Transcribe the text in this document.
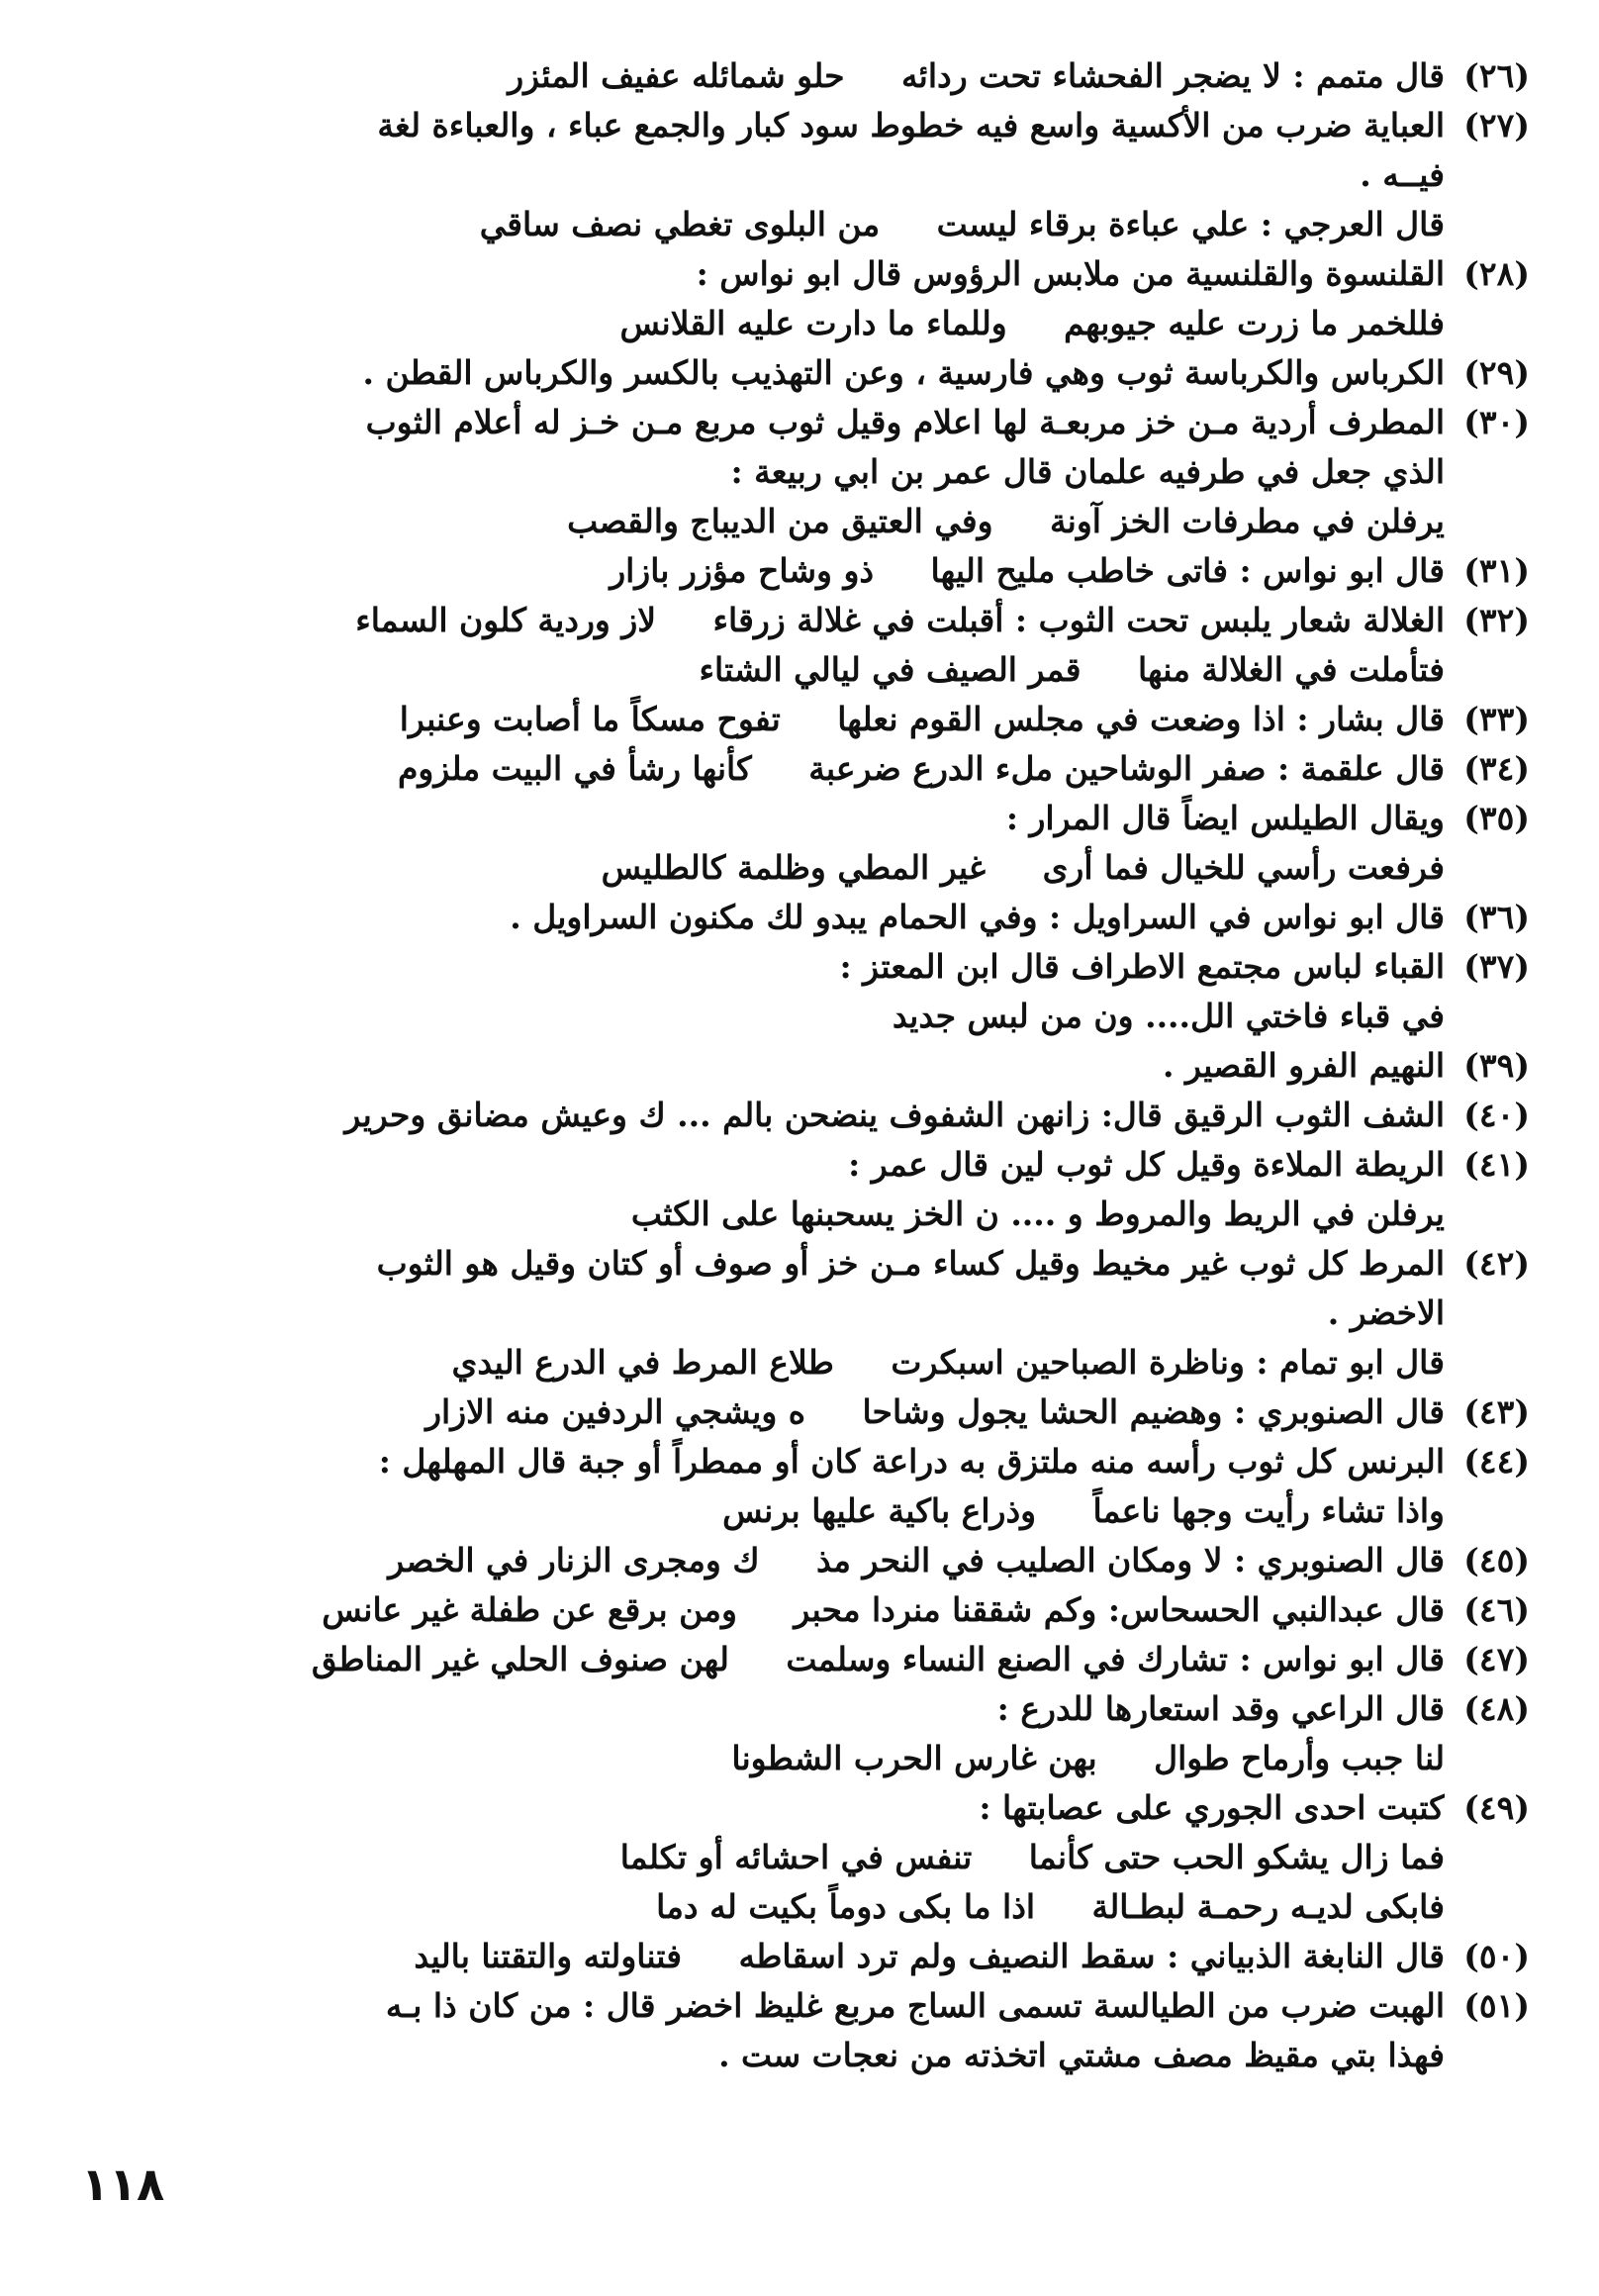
(٢٦)
قال متمم : لا يضجر الفحشاء تحت ردائه     حلو شمائله عفيف المئزر
(٢٧)
العباية ضرب من الأكسية واسع فيه خطوط سود كبار والجمع عباء ، والعباءة لغة
فيــه .
قال العرجي : علي عباءة برقاء ليست     من البلوى تغطي نصف ساقي
(٢٨)
القلنسوة والقلنسية من ملابس الرؤوس قال ابو نواس :
فللخمر ما زرت عليه جيوبهم     وللماء ما دارت عليه القلانس
(٢٩)
الكرباس والكرباسة ثوب وهي فارسية ، وعن التهذيب بالكسر والكرباس القطن .
(٣٠)
المطرف أردية مـن خز مربعـة لها اعلام وقيل ثوب مربع مـن خـز له أعلام الثوب
الذي جعل في طرفيه علمان قال عمر بن ابي ربيعة :
يرفلن في مطرفات الخز آونة     وفي العتيق من الديباج والقصب
(٣١)
قال ابو نواس : فاتى خاطب مليح اليها     ذو وشاح مؤزر بازار
(٣٢)
الغلالة شعار يلبس تحت الثوب : أقبلت في غلالة زرقاء     لاز وردية كلون السماء
فتأملت في الغلالة منها     قمر الصيف في ليالي الشتاء
(٣٣)
قال بشار : اذا وضعت في مجلس القوم نعلها     تفوح مسكاً ما أصابت وعنبرا
(٣٤)
قال علقمة : صفر الوشاحين ملء الدرع ضرعبة     كأنها رشأ في البيت ملزوم
(٣٥)
ويقال الطيلس ايضاً قال المرار :
فرفعت رأسي للخيال فما أرى     غير المطي وظلمة كالطليس
(٣٦)
قال ابو نواس في السراويل : وفي الحمام يبدو لك مكنون السراويل .
(٣٧)
القباء لباس مجتمع الاطراف قال ابن المعتز :
في قباء فاختي الل.... ون من لبس جديد
(٣٩)
النهيم الفرو القصير .
(٤٠)
الشف الثوب الرقيق قال: زانهن الشفوف ينضحن بالم ... ك وعيش مضانق وحرير
(٤١)
الريطة الملاءة وقيل كل ثوب لين قال عمر :
يرفلن في الريط والمروط و .... ن الخز يسحبنها على الكثب
(٤٢)
المرط كل ثوب غير مخيط وقيل كساء مـن خز أو صوف أو كتان وقيل هو الثوب
الاخضر .
قال ابو تمام : وناظرة الصباحين اسبكرت     طلاع المرط في الدرع اليدي
(٤٣)
قال الصنوبري : وهضيم الحشا يجول وشاحا     ه ويشجي الردفين منه الازار
(٤٤)
البرنس كل ثوب رأسه منه ملتزق به دراعة كان أو ممطراً أو جبة قال المهلهل :
واذا تشاء رأيت وجها ناعماً     وذراع باكية عليها برنس
(٤٥)
قال الصنوبري : لا ومكان الصليب في النحر مذ     ك ومجرى الزنار في الخصر
(٤٦)
قال عبدالنبي الحسحاس: وكم شققنا منردا محبر     ومن برقع عن طفلة غير عانس
(٤٧)
قال ابو نواس : تشارك في الصنع النساء وسلمت     لهن صنوف الحلي غير المناطق
(٤٨)
قال الراعي وقد استعارها للدرع :
لنا جبب وأرماح طوال     بهن غارس الحرب الشطونا
(٤٩)
كتبت احدى الجوري على عصابتها :
فما زال يشكو الحب حتى كأنما     تنفس في احشائه أو تكلما
فابكى لديـه رحمـة لبطـالة     اذا ما بكى دوماً بكيت له دما
(٥٠)
قال النابغة الذبياني : سقط النصيف ولم ترد اسقاطه     فتناولته والتقتنا باليد
(٥١)
الهبت ضرب من الطيالسة تسمى الساج مربع غليظ اخضر قال : من كان ذا بـه
فهذا بتي مقيظ مصف مشتي اتخذته من نعجات ست .
١١٨
